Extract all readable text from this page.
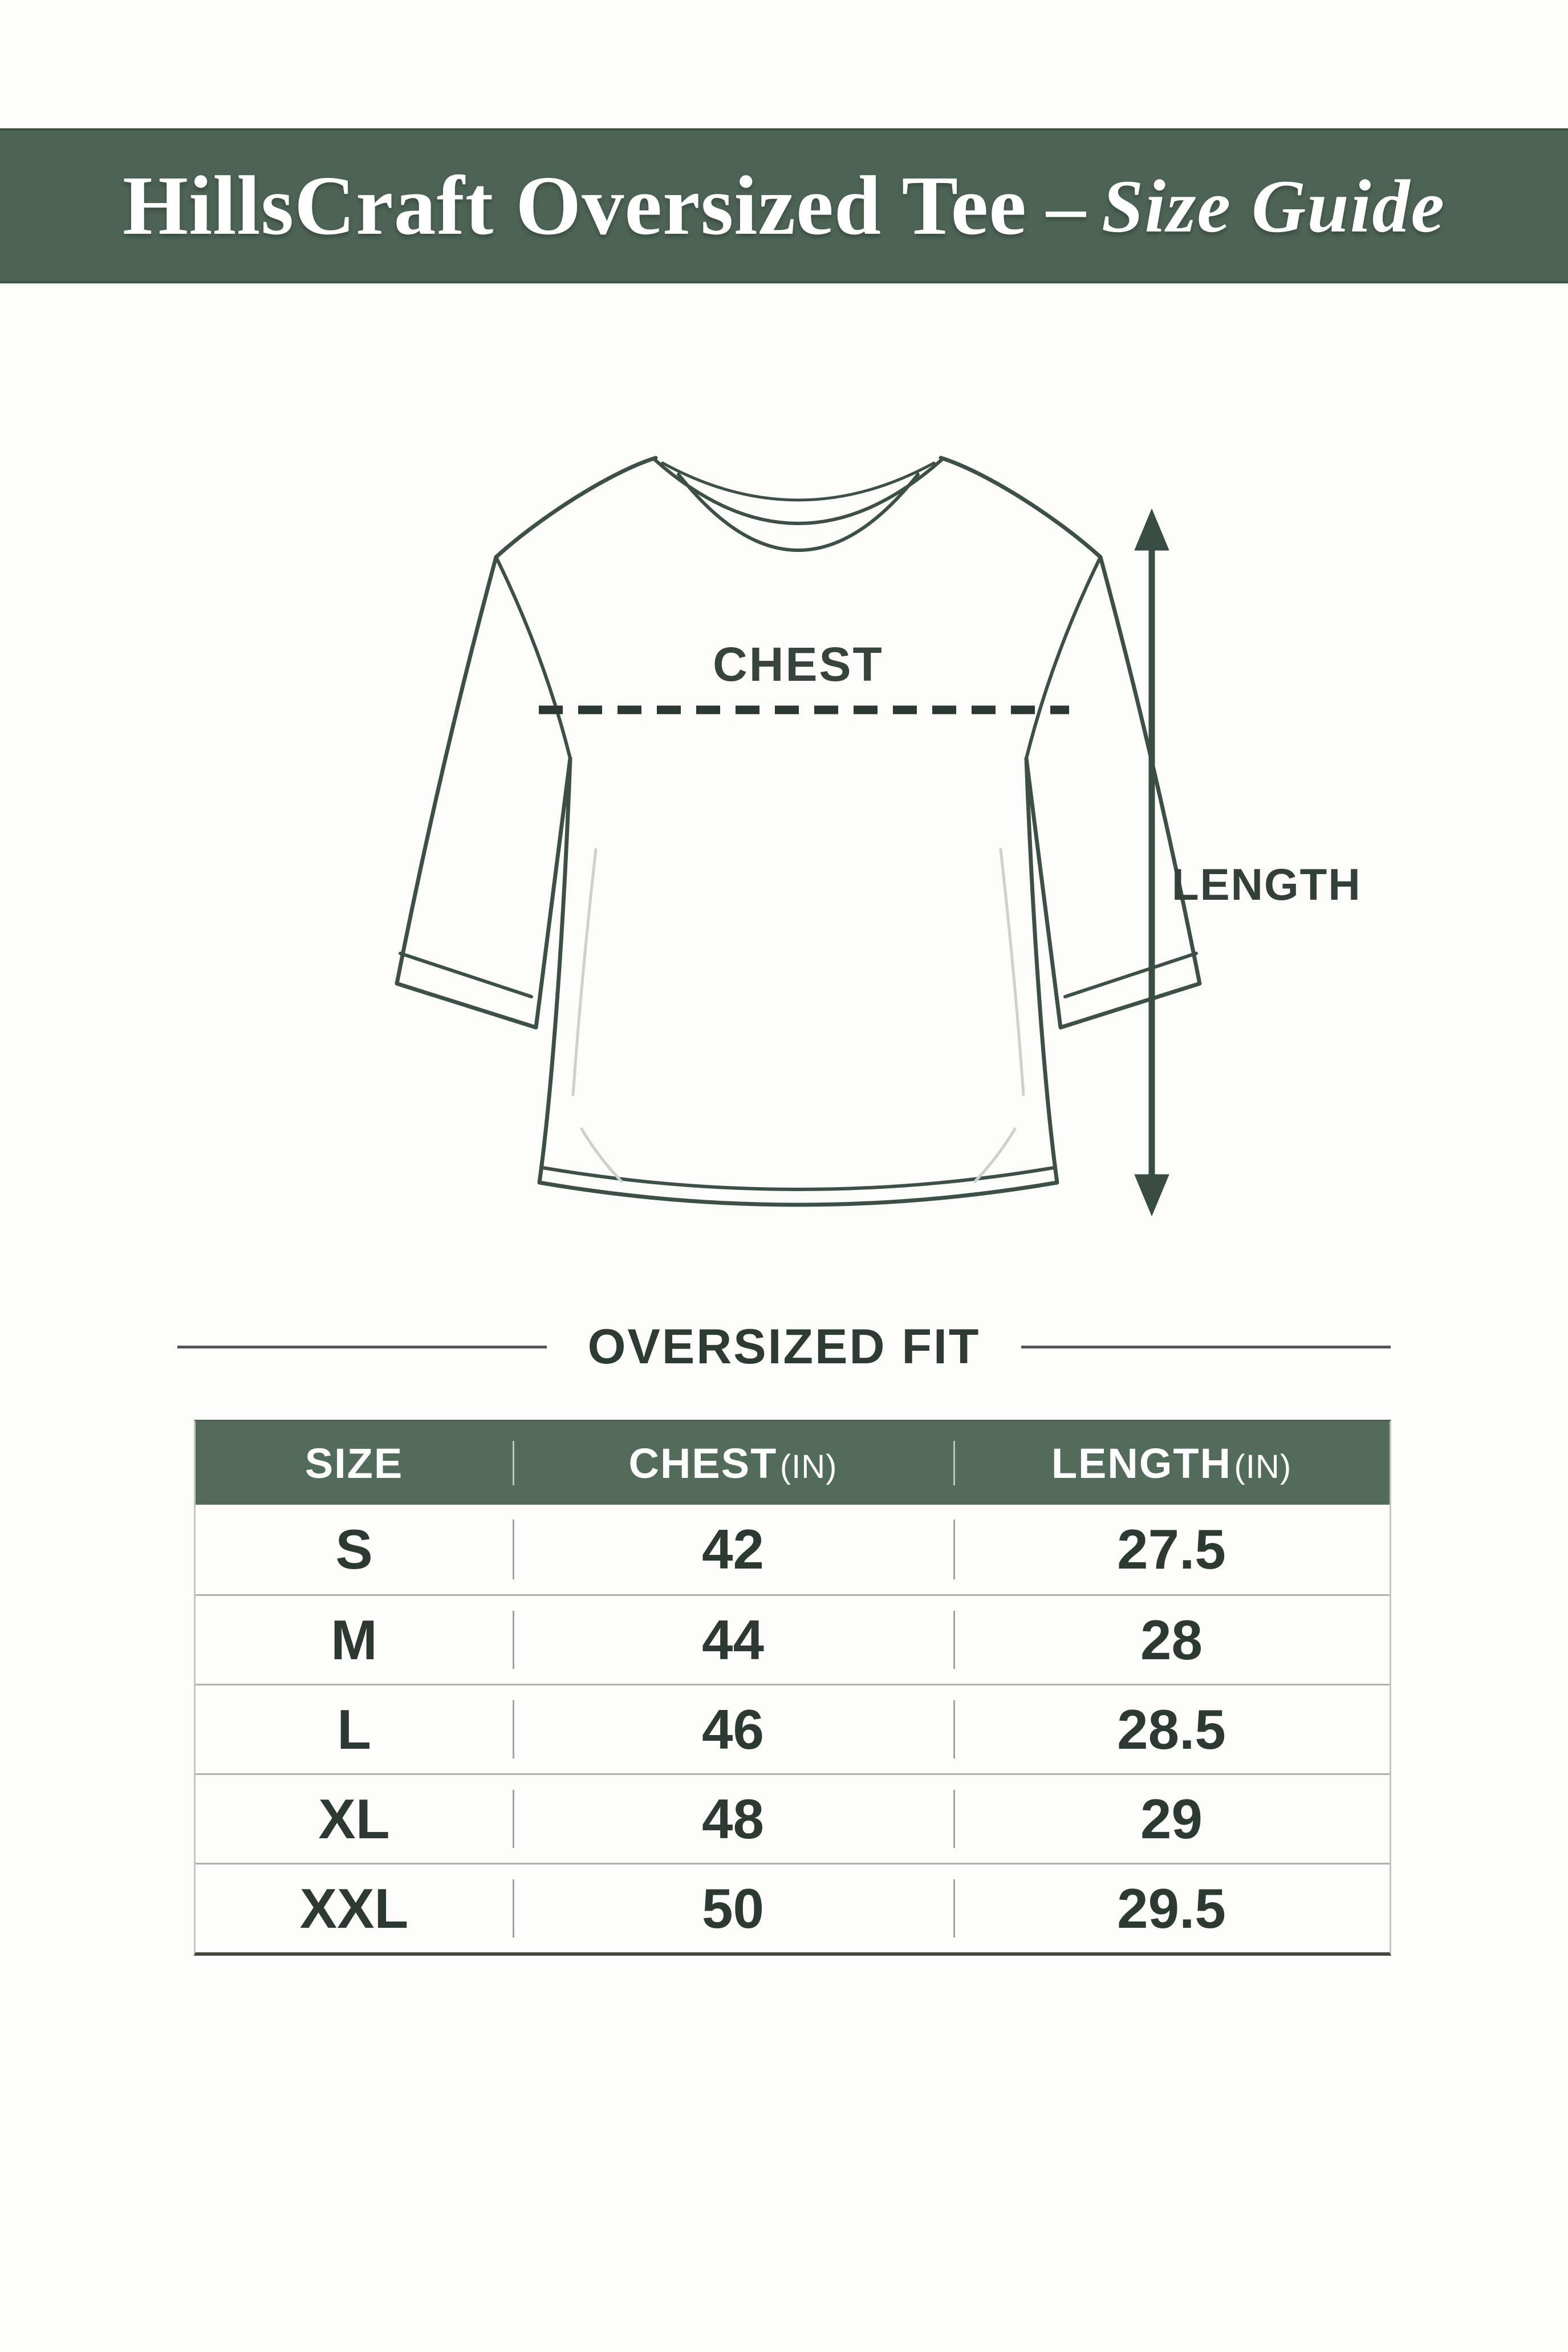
HillsCraft Oversized Tee – Size Guide
CHEST
LENGTH
OVERSIZED FIT
SIZE	CHEST (IN)	LENGTH (IN)
S	42	27.5
M	44	28
L	46	28.5
XL	48	29
XXL	50	29.5
